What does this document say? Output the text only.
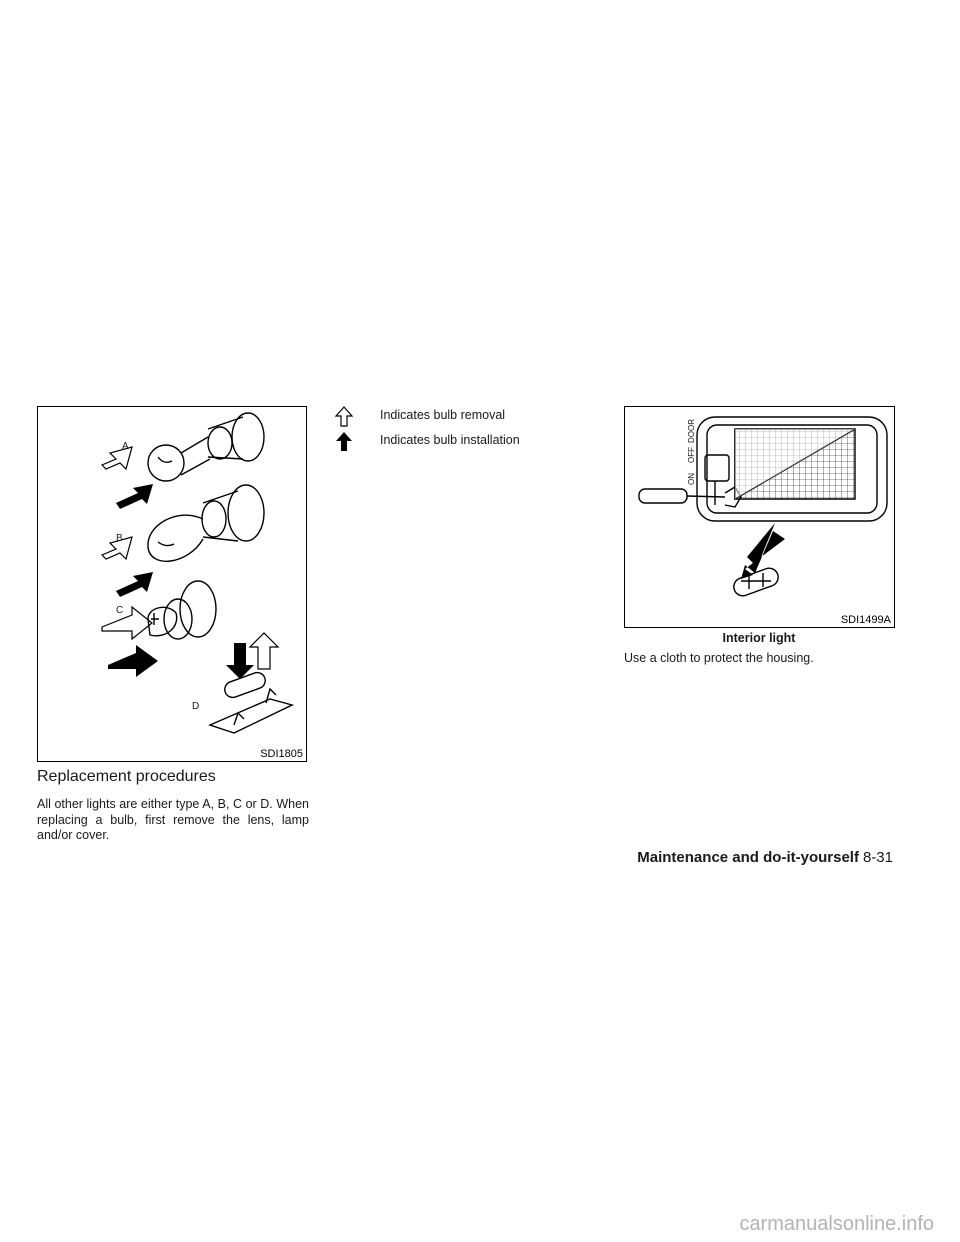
A
B
C
D
SDI1805
Replacement procedures

All other lights are either type A, B, C or D. When replacing a bulb, first remove the lens, lamp and/or cover.

Indicates bulb removal
Indicates bulb installation
ON
OFF
DOOR
SDI1499A

Interior light

Use a cloth to protect the housing.

Maintenance and do-it-yourself 8-31
carmanualsonline.info
